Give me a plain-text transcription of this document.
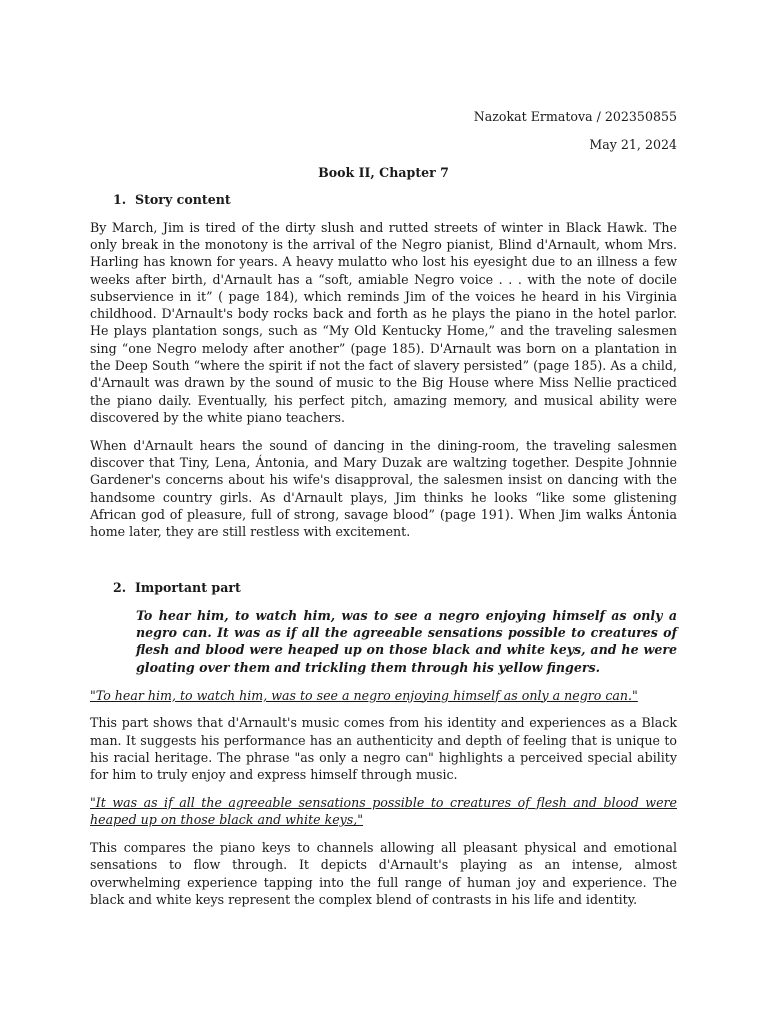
Nazokat Ermatova / 202350855

May 21, 2024

Book II, Chapter 7

1. Story content

By March, Jim is tired of the dirty slush and rutted streets of winter in Black Hawk. The only break in the monotony is the arrival of the Negro pianist, Blind d'Arnault, whom Mrs. Harling has known for years. A heavy mulatto who lost his eyesight due to an illness a few weeks after birth, d'Arnault has a “soft, amiable Negro voice . . . with the note of docile subservience in it” ( page 184), which reminds Jim of the voices he heard in his Virginia childhood. D'Arnault's body rocks back and forth as he plays the piano in the hotel parlor. He plays plantation songs, such as “My Old Kentucky Home,” and the traveling salesmen sing “one Negro melody after another” (page 185). D'Arnault was born on a plantation in the Deep South “where the spirit if not the fact of slavery persisted” (page 185). As a child, d'Arnault was drawn by the sound of music to the Big House where Miss Nellie practiced the piano daily. Eventually, his perfect pitch, amazing memory, and musical ability were discovered by the white piano teachers.

When d'Arnault hears the sound of dancing in the dining-room, the traveling salesmen discover that Tiny, Lena, Ántonia, and Mary Duzak are waltzing together. Despite Johnnie Gardener's concerns about his wife's disapproval, the salesmen insist on dancing with the handsome country girls. As d'Arnault plays, Jim thinks he looks “like some glistening African god of pleasure, full of strong, savage blood” (page 191). When Jim walks Ántonia home later, they are still restless with excitement.

2. Important part

To hear him, to watch him, was to see a negro enjoying himself as only a negro can. It was as if all the agreeable sensations possible to creatures of flesh and blood were heaped up on those black and white keys, and he were gloating over them and trickling them through his yellow fingers.

"To hear him, to watch him, was to see a negro enjoying himself as only a negro can."

This part shows that d'Arnault's music comes from his identity and experiences as a Black man. It suggests his performance has an authenticity and depth of feeling that is unique to his racial heritage. The phrase "as only a negro can" highlights a perceived special ability for him to truly enjoy and express himself through music.

"It was as if all the agreeable sensations possible to creatures of flesh and blood were heaped up on those black and white keys,"

This compares the piano keys to channels allowing all pleasant physical and emotional sensations to flow through. It depicts d'Arnault's playing as an intense, almost overwhelming experience tapping into the full range of human joy and experience. The black and white keys represent the complex blend of contrasts in his life and identity.
